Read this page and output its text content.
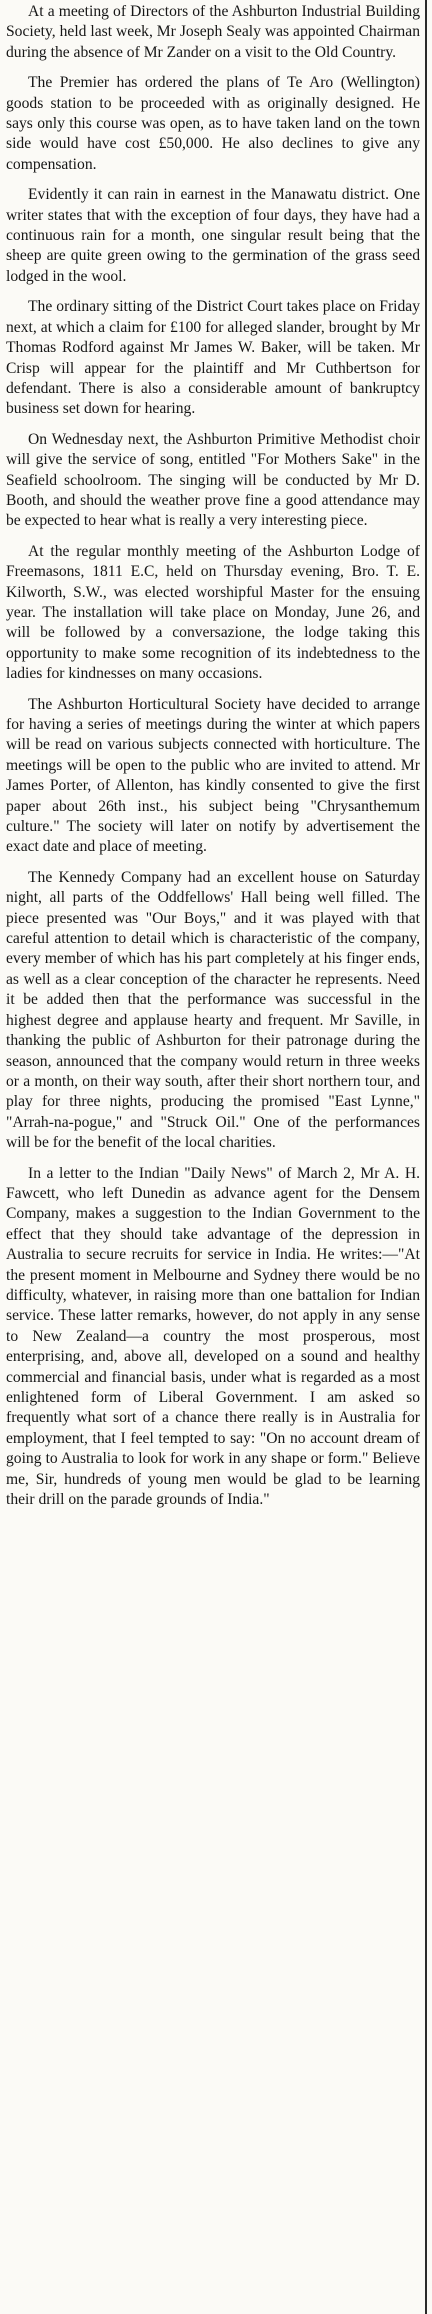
At a meeting of Directors of the Ashburton Industrial Building Society, held last week, Mr Joseph Sealy was appointed Chairman during the absence of Mr Zander on a visit to the Old Country.

The Premier has ordered the plans of Te Aro (Wellington) goods station to be proceeded with as originally designed. He says only this course was open, as to have taken land on the town side would have cost £50,000. He also declines to give any compensation.

Evidently it can rain in earnest in the Manawatu district. One writer states that with the exception of four days, they have had a continuous rain for a month, one singular result being that the sheep are quite green owing to the germination of the grass seed lodged in the wool.

The ordinary sitting of the District Court takes place on Friday next, at which a claim for £100 for alleged slander, brought by Mr Thomas Rodford against Mr James W. Baker, will be taken. Mr Crisp will appear for the plaintiff and Mr Cuthbertson for defendant. There is also a considerable amount of bankruptcy business set down for hearing.

On Wednesday next, the Ashburton Primitive Methodist choir will give the service of song, entitled "For Mothers Sake" in the Seafield schoolroom. The singing will be conducted by Mr D. Booth, and should the weather prove fine a good attendance may be expected to hear what is really a very interesting piece.

At the regular monthly meeting of the Ashburton Lodge of Freemasons, 1811 E.C, held on Thursday evening, Bro. T. E. Kilworth, S.W., was elected worshipful Master for the ensuing year. The installation will take place on Monday, June 26, and will be followed by a conversazione, the lodge taking this opportunity to make some recognition of its indebtedness to the ladies for kindnesses on many occasions.

The Ashburton Horticultural Society have decided to arrange for having a series of meetings during the winter at which papers will be read on various subjects connected with horticulture. The meetings will be open to the public who are invited to attend. Mr James Porter, of Allenton, has kindly consented to give the first paper about 26th inst., his subject being "Chrysanthemum culture." The society will later on notify by advertisement the exact date and place of meeting.

The Kennedy Company had an excellent house on Saturday night, all parts of the Oddfellows' Hall being well filled. The piece presented was "Our Boys," and it was played with that careful attention to detail which is characteristic of the company, every member of which has his part completely at his finger ends, as well as a clear conception of the character he represents. Need it be added then that the performance was successful in the highest degree and applause hearty and frequent. Mr Saville, in thanking the public of Ashburton for their patronage during the season, announced that the company would return in three weeks or a month, on their way south, after their short northern tour, and play for three nights, producing the promised "East Lynne," "Arrah-na-pogue," and "Struck Oil." One of the performances will be for the benefit of the local charities.

In a letter to the Indian "Daily News" of March 2, Mr A. H. Fawcett, who left Dunedin as advance agent for the Densem Company, makes a suggestion to the Indian Government to the effect that they should take advantage of the depression in Australia to secure recruits for service in India. He writes:—"At the present moment in Melbourne and Sydney there would be no difficulty, whatever, in raising more than one battalion for Indian service. These latter remarks, however, do not apply in any sense to New Zealand—a country the most prosperous, most enterprising, and, above all, developed on a sound and healthy commercial and financial basis, under what is regarded as a most enlightened form of Liberal Government. I am asked so frequently what sort of a chance there really is in Australia for employment, that I feel tempted to say: "On no account dream of going to Australia to look for work in any shape or form." Believe me, Sir, hundreds of young men would be glad to be learning their drill on the parade grounds of India."
